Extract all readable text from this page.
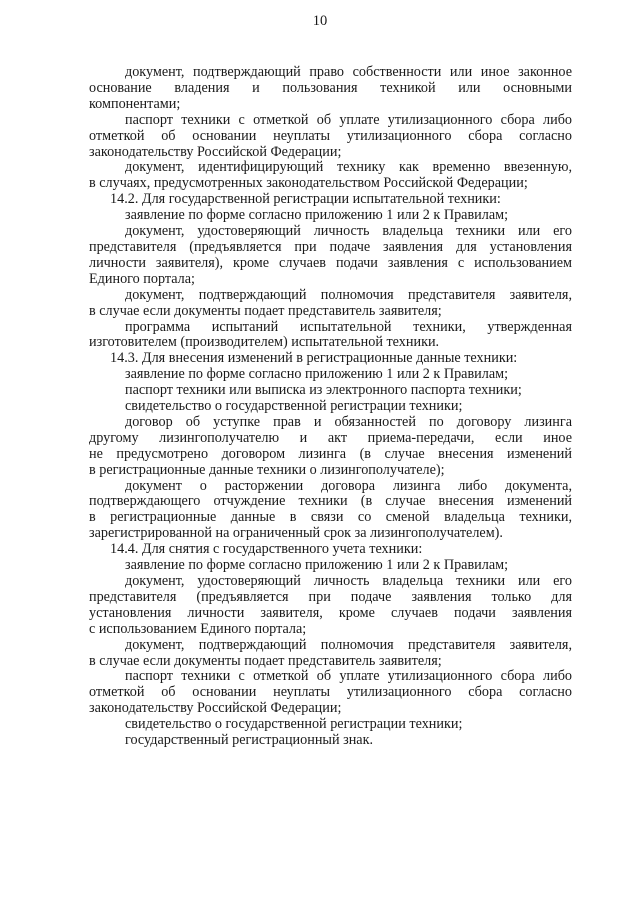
10

документ, подтверждающий право собственности или иное законное
основание владения и пользования техникой или основными
компонентами;

паспорт техники с отметкой об уплате утилизационного сбора либо
отметкой об основании неуплаты утилизационного сбора согласно
законодательству Российской Федерации;

документ, идентифицирующий технику как временно ввезенную,
в случаях, предусмотренных законодательством Российской Федерации;

14.2. Для государственной регистрации испытательной техники:

заявление по форме согласно приложению 1 или 2 к Правилам;

документ, удостоверяющий личность владельца техники или его
представителя (предъявляется при подаче заявления для установления
личности заявителя), кроме случаев подачи заявления с использованием
Единого портала;

документ, подтверждающий полномочия представителя заявителя,
в случае если документы подает представитель заявителя;

программа испытаний испытательной техники, утвержденная
изготовителем (производителем) испытательной техники.

14.3. Для внесения изменений в регистрационные данные техники:

заявление по форме согласно приложению 1 или 2 к Правилам;

паспорт техники или выписка из электронного паспорта техники;

свидетельство о государственной регистрации техники;

договор об уступке прав и обязанностей по договору лизинга
другому лизингополучателю и акт приема-передачи, если иное
не предусмотрено договором лизинга (в случае внесения изменений
в регистрационные данные техники о лизингополучателе);

документ о расторжении договора лизинга либо документа,
подтверждающего отчуждение техники (в случае внесения изменений
в регистрационные данные в связи со сменой владельца техники,
зарегистрированной на ограниченный срок за лизингополучателем).

14.4. Для снятия с государственного учета техники:

заявление по форме согласно приложению 1 или 2 к Правилам;

документ, удостоверяющий личность владельца техники или его
представителя (предъявляется при подаче заявления только для
установления личности заявителя, кроме случаев подачи заявления
с использованием Единого портала;

документ, подтверждающий полномочия представителя заявителя,
в случае если документы подает представитель заявителя;

паспорт техники с отметкой об уплате утилизационного сбора либо
отметкой об основании неуплаты утилизационного сбора согласно
законодательству Российской Федерации;

свидетельство о государственной регистрации техники;

государственный регистрационный знак.
